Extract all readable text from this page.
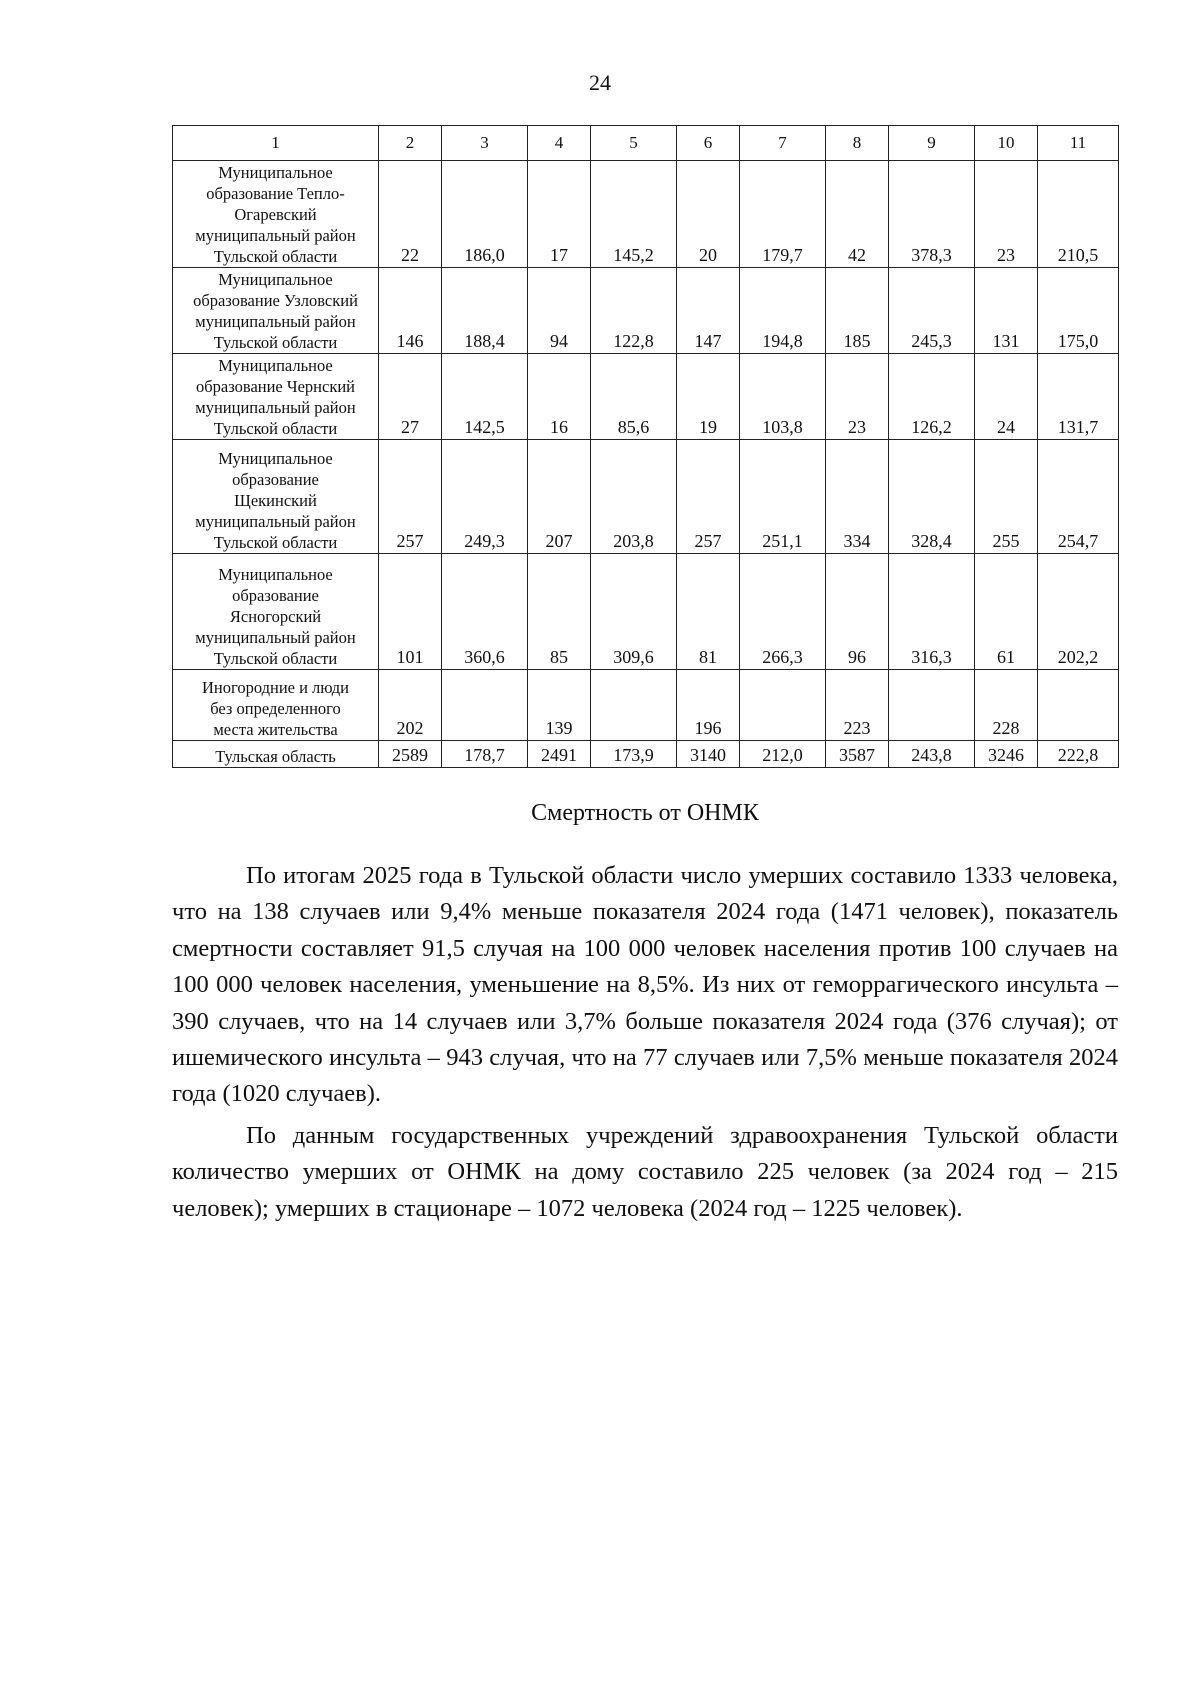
24
1	2	3	4	5	6	7	8	9	10	11

Муниципальное
образование Тепло-
Огаревский
муниципальный район
Тульской области	22	186,0	17	145,2	20	179,7	42	378,3	23	210,5

Муниципальное
образование Узловский
муниципальный район
Тульской области	146	188,4	94	122,8	147	194,8	185	245,3	131	175,0

Муниципальное
образование Чернский
муниципальный район
Тульской области	27	142,5	16	85,6	19	103,8	23	126,2	24	131,7

Муниципальное
образование
Щекинский
муниципальный район
Тульской области	257	249,3	207	203,8	257	251,1	334	328,4	255	254,7

Муниципальное
образование
Ясногорский
муниципальный район
Тульской области	101	360,6	85	309,6	81	266,3	96	316,3	61	202,2

Иногородние и люди
без определенного
места жительства	202		139		196		223		228	

Тульская область	2589	178,7	2491	173,9	3140	212,0	3587	243,8	3246	222,8
Смертность от ОНМК

По итогам 2025 года в Тульской области число умерших составило 1333 человека, что на 138 случаев или 9,4% меньше показателя 2024 года (1471 человек), показатель смертности составляет 91,5 случая на 100 000 человек населения против 100 случаев на 100 000 человек населения, уменьшение на 8,5%. Из них от геморрагического инсульта – 390 случаев, что на 14 случаев или 3,7% больше показателя 2024 года (376 случая); от ишемического инсульта – 943 случая, что на 77 случаев или 7,5% меньше показателя 2024 года (1020 случаев).

По данным государственных учреждений здравоохранения Тульской области количество умерших от ОНМК на дому составило 225 человек (за 2024 год – 215 человек); умерших в стационаре – 1072 человека (2024 год – 1225 человек).
